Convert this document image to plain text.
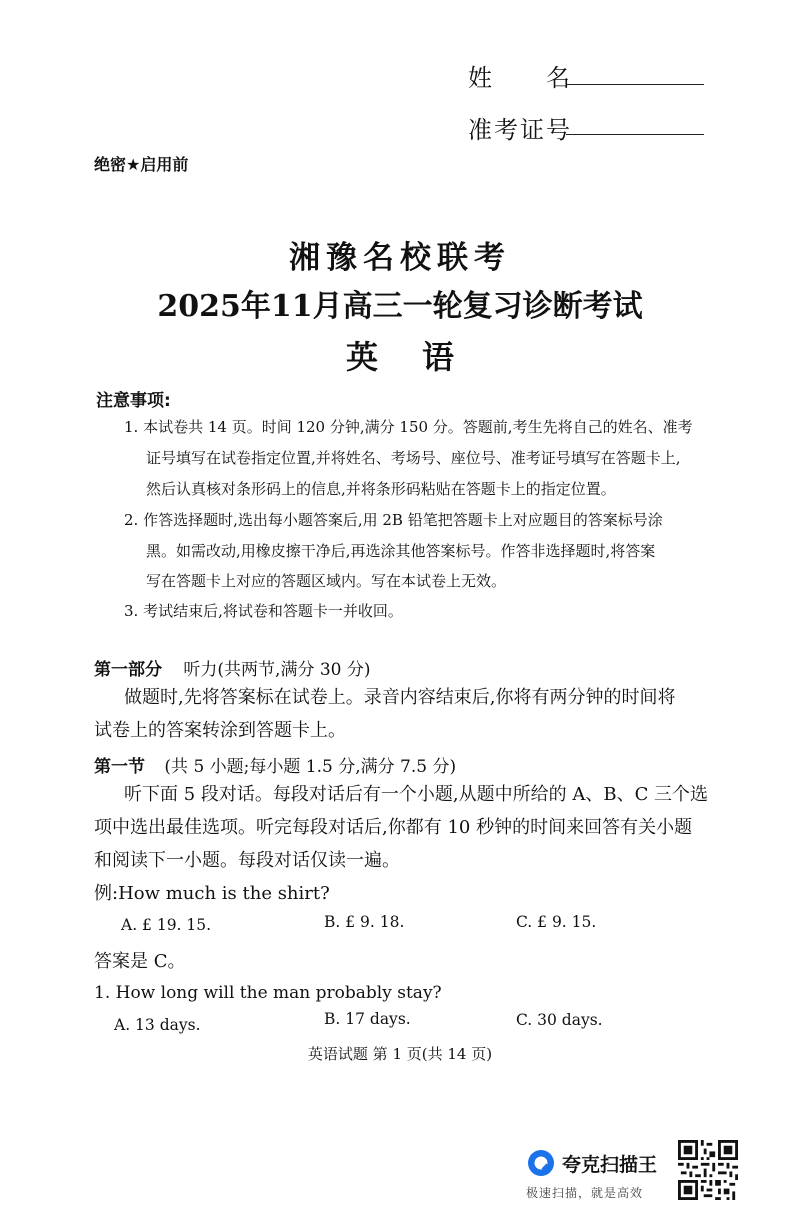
姓　　名
准考证号
绝密★启用前
湘豫名校联考
2025年11月高三一轮复习诊断考试
英语
注意事项:
1. 本试卷共 14 页。时间 120 分钟,满分 150 分。答题前,考生先将自己的姓名、准考
证号填写在试卷指定位置,并将姓名、考场号、座位号、准考证号填写在答题卡上,
然后认真核对条形码上的信息,并将条形码粘贴在答题卡上的指定位置。
2. 作答选择题时,选出每小题答案后,用 2B 铅笔把答题卡上对应题目的答案标号涂
黑。如需改动,用橡皮擦干净后,再选涂其他答案标号。作答非选择题时,将答案
写在答题卡上对应的答题区域内。写在本试卷上无效。
3. 考试结束后,将试卷和答题卡一并收回。
第一部分 听力(共两节,满分 30 分)
做题时,先将答案标在试卷上。录音内容结束后,你将有两分钟的时间将
试卷上的答案转涂到答题卡上。
第一节 (共 5 小题;每小题 1.5 分,满分 7.5 分)
听下面 5 段对话。每段对话后有一个小题,从题中所给的 A、B、C 三个选
项中选出最佳选项。听完每段对话后,你都有 10 秒钟的时间来回答有关小题
和阅读下一小题。每段对话仅读一遍。
例:How much is the shirt?
A. £ 19. 15.	B. £ 9. 18.	C. £ 9. 15.
答案是 C。
1. How long will the man probably stay?
A. 13 days.	B. 17 days.	C. 30 days.
英语试题 第 1 页(共 14 页)
夸克扫描王
极速扫描，就是高效
